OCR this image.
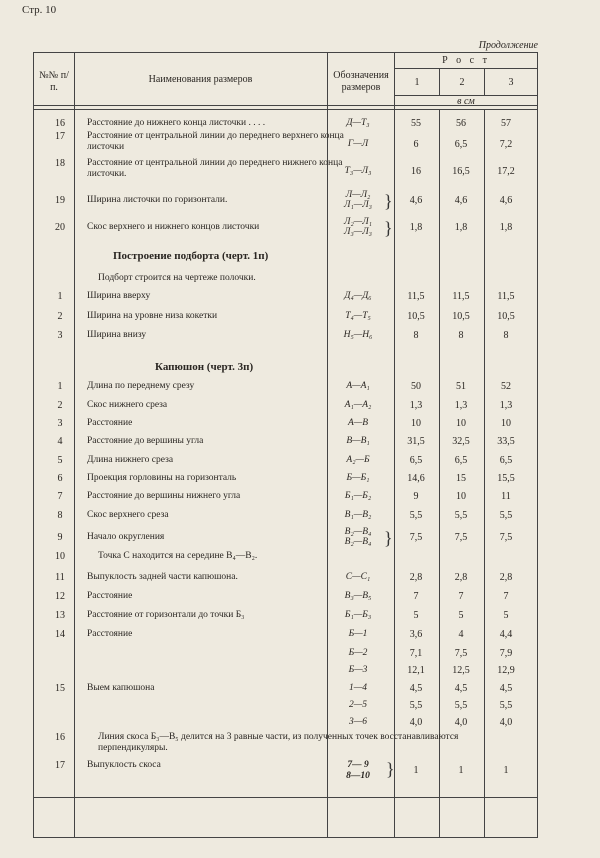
Стр. 10
Продолжение
№№ п/п.
Наименования размеров	Обозначения размеров
Р о с т
1	2	3
в см
16	Расстояние до нижнего конца листочки . . . .	Д—Т₃	55	56	57
17	Расстояние от центральной линии до переднего верхнего конца листочки	Г—Л	6	6,5	7,2
18	Расстояние от центральной линии до переднего нижнего конца листочки.	Т₃—Л₃	16	16,5	17,2
19	Ширина листочки по горизонтали.	Л—Л₂
Л₁—Л₃ }	4,6	4,6	4,6
20	Скос верхнего и нижнего концов листочки	Л₂—Л₁
Л₃—Л₃ }	1,8	1,8	1,8
Построение подборта (черт. 1п)
Подборт строится на чертеже полочки.
1	Ширина вверху	Д₄—Д₆	11,5	11,5	11,5
2	Ширина на уровне низа кокетки	Т₄—Т₅	10,5	10,5	10,5
3	Ширина внизу	Н₅—Н₆	8	8	8
Капюшон (черт. 3п)
1	Длина по переднему срезу	А—А₁	50	51	52
2	Скос нижнего среза	А₁—А₂	1,3	1,3	1,3
3	Расстояние	А—В	10	10	10
4	Расстояние до вершины угла	В—В₁	31,5	32,5	33,5
5	Длина нижнего среза	А₂—Б	6,5	6,5	6,5
6	Проекция горловины на горизонталь	Б—Б₁	14,6	15	15,5
7	Расстояние до вершины нижнего угла	Б₁—Б₂	9	10	11
8	Скос верхнего среза	В₁—В₂	5,5	5,5	5,5
9	Начало округления	В₂—В₄
В₂—В₄ }	7,5	7,5	7,5
10	Точка С находится на середине В₄—В₂.
11	Выпуклость задней части капюшона.	С—С₁	2,8	2,8	2,8
12	Расстояние	В₃—В₅	7	7	7
13	Расстояние от горизонтали до точки Б₃	Б₁—Б₃	5	5	5
14	Расстояние	Б—1	3,6	4	4,4
Б—2	7,1	7,5	7,9
Б—3	12,1	12,5	12,9
15	Выем капюшона	1—4	4,5	4,5	4,5
2—5	5,5	5,5	5,5
3—6	4,0	4,0	4,0
16	Линия скоса Б₃—В₅ делится на 3 равные части, из полученных точек восстанавливаются перпендикуляры.
17	Выпуклость скоса	7— 9
8—10 }	1	1	1
